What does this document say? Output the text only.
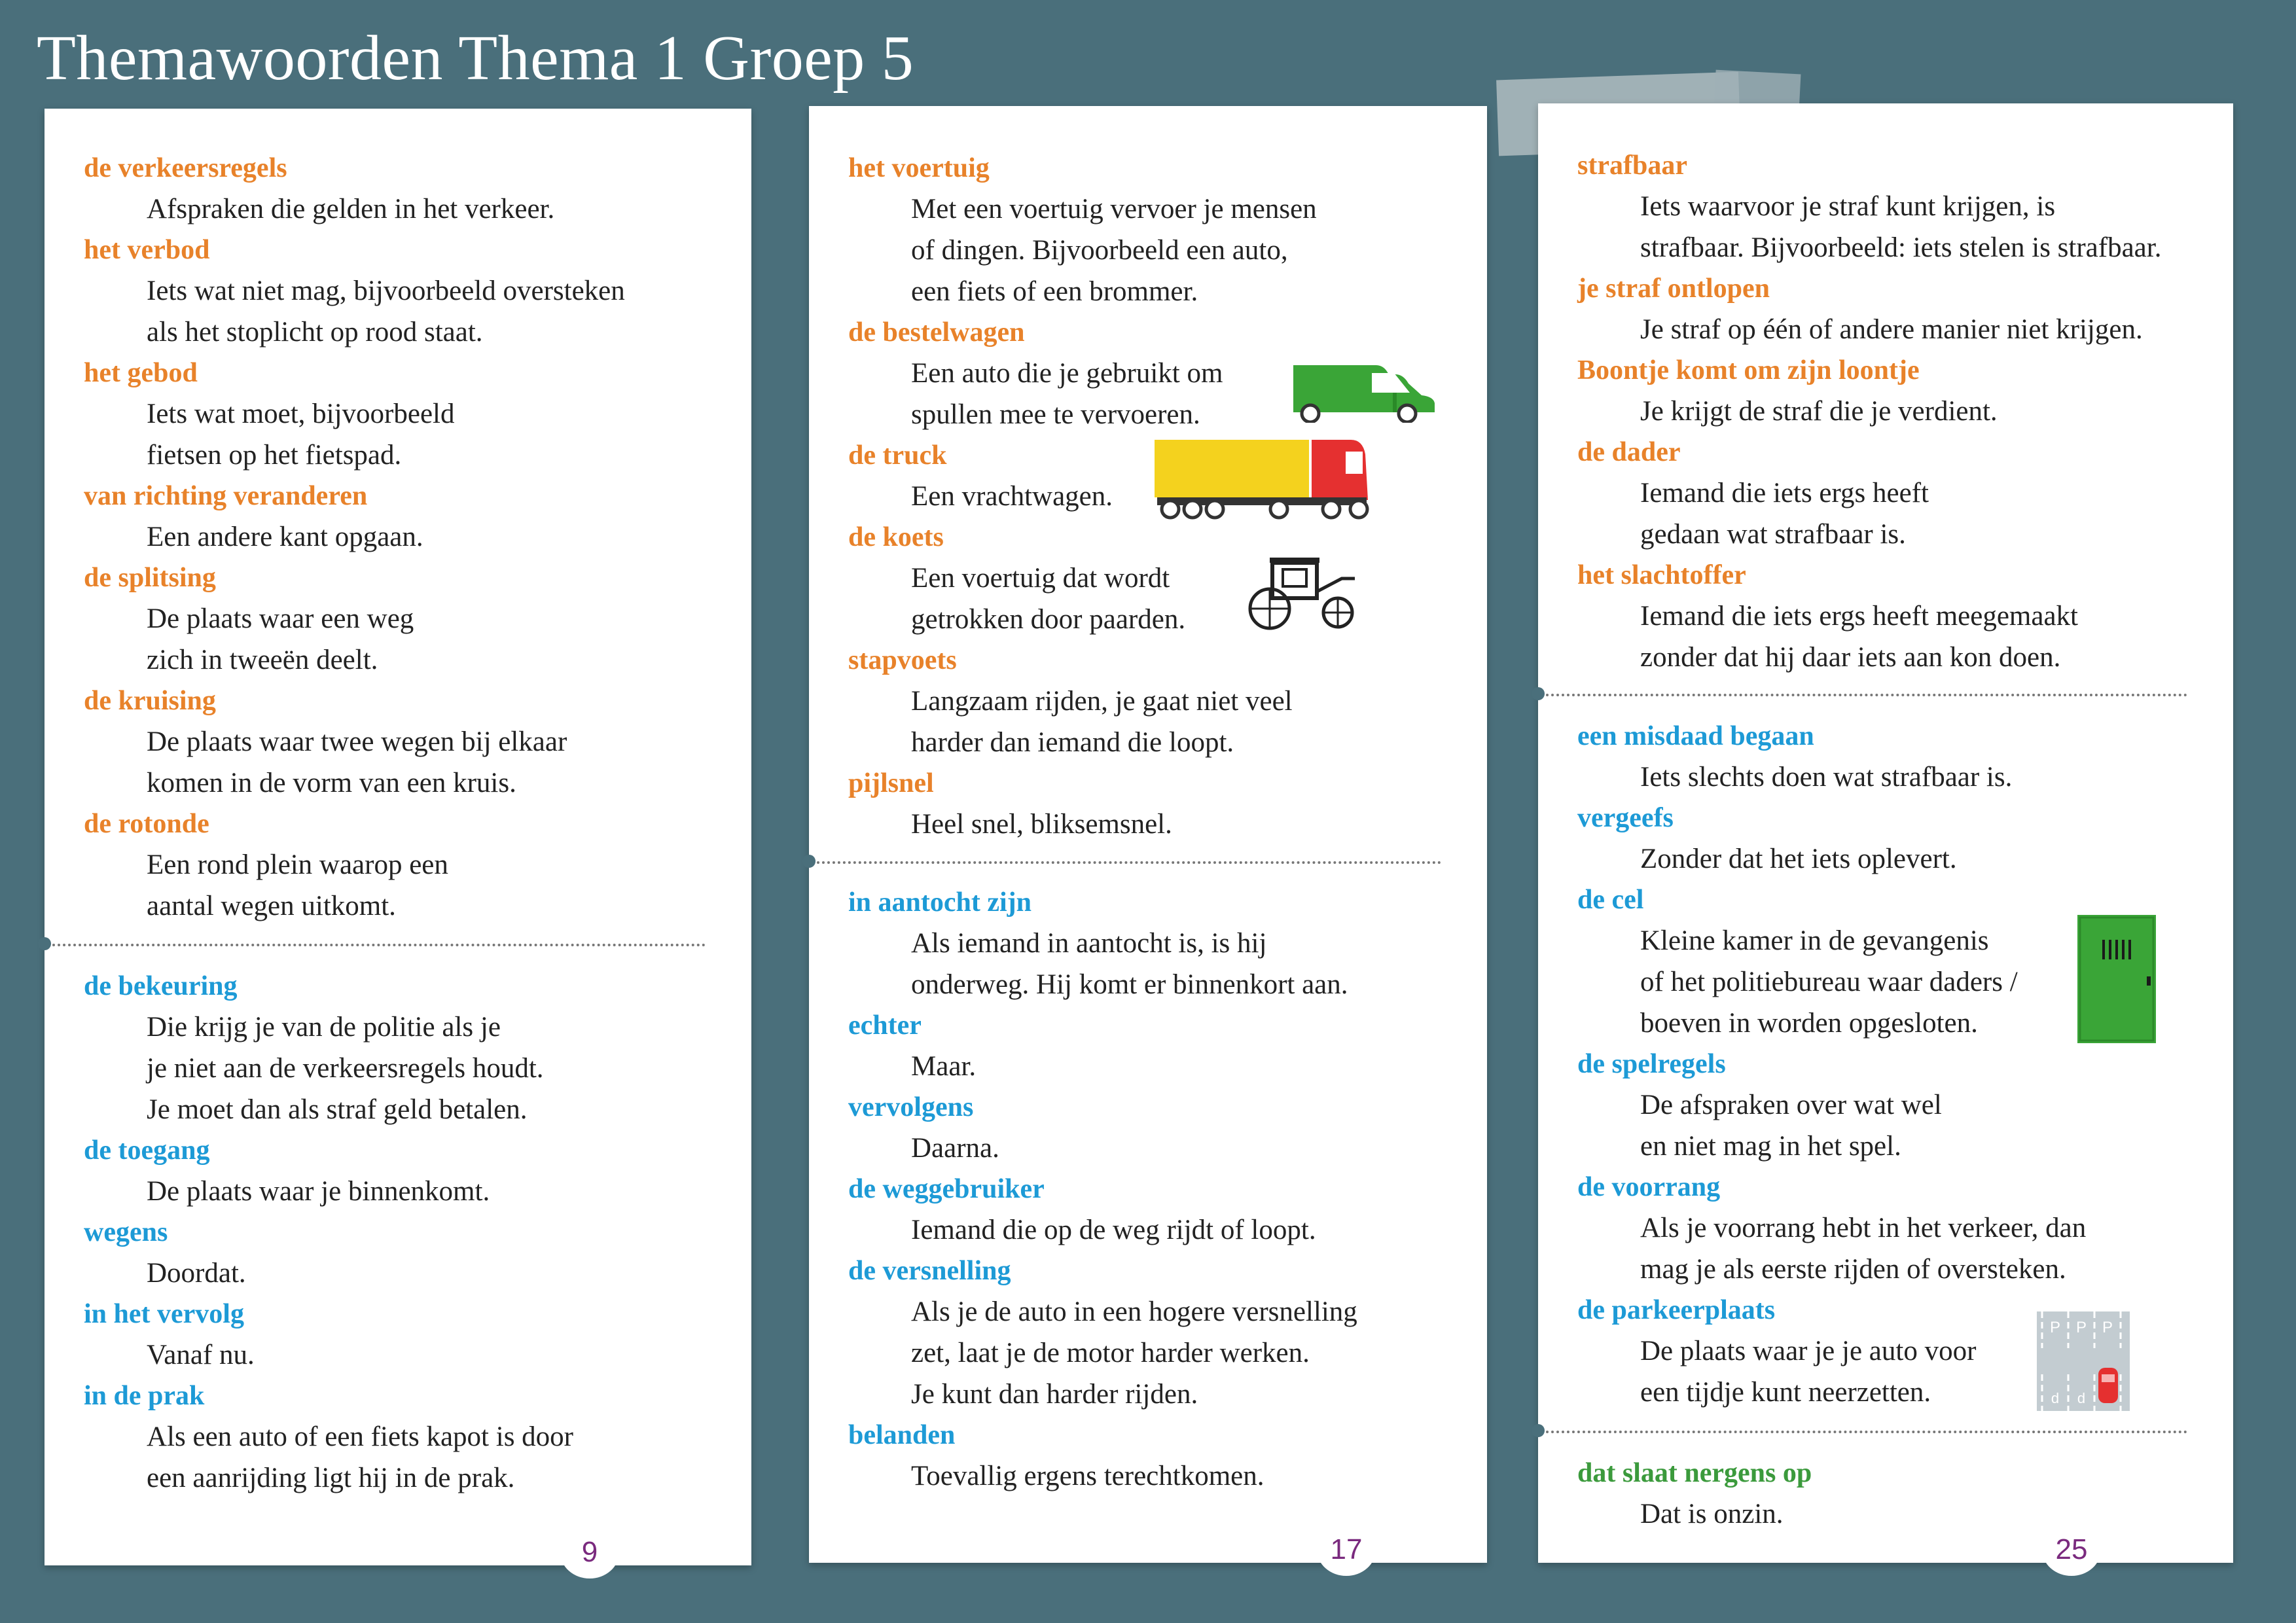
Themawoorden Thema 1 Groep 5
de verkeersregels

Afspraken die gelden in het verkeer.

het verbod

Iets wat niet mag, bijvoorbeeld oversteken

als het stoplicht op rood staat.

het gebod

Iets wat moet, bijvoorbeeld

fietsen op het fietspad.

van richting veranderen

Een andere kant opgaan.

de splitsing

De plaats waar een weg

zich in tweeën deelt.

de kruising

De plaats waar twee wegen bij elkaar

komen in de vorm van een kruis.

de rotonde

Een rond plein waarop een

aantal wegen uitkomt.

de bekeuring

Die krijg je van de politie als je

je niet aan de verkeersregels houdt.

Je moet dan als straf geld betalen.

de toegang

De plaats waar je binnenkomt.

wegens

Doordat.

in het vervolg

Vanaf nu.

in de prak

Als een auto of een fiets kapot is door

een aanrijding ligt hij in de prak.

9
het voertuig

Met een voertuig vervoer je mensen

of dingen. Bijvoorbeeld een auto,

een fiets of een brommer.

de bestelwagen

Een auto die je gebruikt om

spullen mee te vervoeren.

de truck

Een vrachtwagen.

de koets

Een voertuig dat wordt

getrokken door paarden.

stapvoets

Langzaam rijden, je gaat niet veel

harder dan iemand die loopt.

pijlsnel

Heel snel, bliksemsnel.

in aantocht zijn

Als iemand in aantocht is, is hij

onderweg. Hij komt er binnenkort aan.

echter

Maar.

vervolgens

Daarna.

de weggebruiker

Iemand die op de weg rijdt of loopt.

de versnelling

Als je de auto in een hogere versnelling

zet, laat je de motor harder werken.

Je kunt dan harder rijden.

belanden

Toevallig ergens terechtkomen.

17
strafbaar

Iets waarvoor je straf kunt krijgen, is

strafbaar. Bijvoorbeeld: iets stelen is strafbaar.

je straf ontlopen

Je straf op één of andere manier niet krijgen.

Boontje komt om zijn loontje

Je krijgt de straf die je verdient.

de dader

Iemand die iets ergs heeft

gedaan wat strafbaar is.

het slachtoffer

Iemand die iets ergs heeft meegemaakt

zonder dat hij daar iets aan kon doen.

een misdaad begaan

Iets slechts doen wat strafbaar is.

vergeefs

Zonder dat het iets oplevert.

de cel

Kleine kamer in de gevangenis

of het politiebureau waar daders /

boeven in worden opgesloten.

de spelregels

De afspraken over wat wel

en niet mag in het spel.

de voorrang

Als je voorrang hebt in het verkeer, dan

mag je als eerste rijden of oversteken.

de parkeerplaats

De plaats waar je je auto voor

een tijdje kunt neerzetten.

dat slaat nergens op

Dat is onzin.

P P P
d d
25
